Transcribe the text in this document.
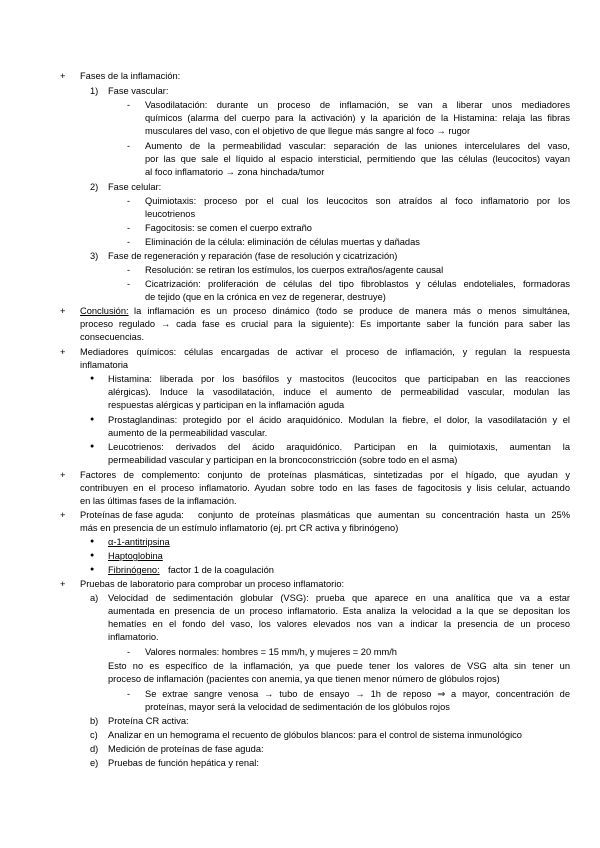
+ Fases de la inflamación:
1) Fase vascular:
- Vasodilatación: durante un proceso de inflamación, se van a liberar unos mediadores
químicos (alarma del cuerpo para la activación) y la aparición de la Histamina: relaja las fibras
musculares del vaso, con el objetivo de que llegue más sangre al foco → rugor
- Aumento de la permeabilidad vascular: separación de las uniones intercelulares del vaso,
por las que sale el líquido al espacio intersticial, permitiendo que las células (leucocitos) vayan
al foco inflamatorio → zona hinchada/tumor
2) Fase celular:
- Quimiotaxis: proceso por el cual los leucocitos son atraídos al foco inflamatorio por los
leucotrienos
- Fagocitosis: se comen el cuerpo extraño
- Eliminación de la célula: eliminación de células muertas y dañadas
3) Fase de regeneración y reparación (fase de resolución y cicatrización)
- Resolución: se retiran los estímulos, los cuerpos extraños/agente causal
- Cicatrización: proliferación de células del tipo fibroblastos y células endoteliales, formadoras
de tejido (que en la crónica en vez de regenerar, destruye)
+ Conclusión: la inflamación es un proceso dinámico (todo se produce de manera más o menos simultánea,
proceso regulado → cada fase es crucial para la siguiente): Es importante saber la función para saber las
consecuencias.
+ Mediadores químicos: células encargadas de activar el proceso de inflamación, y regulan la respuesta
inflamatoria
● Histamina: liberada por los basófilos y mastocitos (leucocitos que participaban en las reacciones
alérgicas). Induce la vasodilatación, induce el aumento de permeabilidad vascular, modulan las
respuestas alérgicas y participan en la inflamación aguda
● Prostaglandinas: protegido por el ácido araquidónico. Modulan la fiebre, el dolor, la vasodilatación y el
aumento de la permeabilidad vascular.
● Leucotrienos: derivados del ácido araquidónico. Participan en la quimiotaxis, aumentan la
permeabilidad vascular y participan en la broncoconstricción (sobre todo en el asma)
+ Factores de complemento: conjunto de proteínas plasmáticas, sintetizadas por el hígado, que ayudan y
contribuyen en el proceso inflamatorio. Ayudan sobre todo en las fases de fagocitosis y lisis celular, actuando
en las últimas fases de la inflamación.
+ Proteínas de fase aguda: conjunto de proteínas plasmáticas que aumentan su concentración hasta un 25%
más en presencia de un estímulo inflamatorio (ej. prt CR activa y fibrinógeno)
● α-1-antitripsina
● Haptoglobina
● Fibrinógeno: factor 1 de la coagulación
+ Pruebas de laboratorio para comprobar un proceso inflamatorio:
a) Velocidad de sedimentación globular (VSG): prueba que aparece en una analítica que va a estar
aumentada en presencia de un proceso inflamatorio. Esta analiza la velocidad a la que se depositan los
hematíes en el fondo del vaso, los valores elevados nos van a indicar la presencia de un proceso
inflamatorio.
- Valores normales: hombres = 15 mm/h, y mujeres = 20 mm/h
Esto no es específico de la inflamación, ya que puede tener los valores de VSG alta sin tener un
proceso de inflamación (pacientes con anemia, ya que tienen menor número de glóbulos rojos)
- Se extrae sangre venosa → tubo de ensayo → 1h de reposo ⇒ a mayor, concentración de
proteínas, mayor será la velocidad de sedimentación de los glóbulos rojos
b) Proteína CR activa:
c) Analizar en un hemograma el recuento de glóbulos blancos: para el control de sistema inmunológico
d) Medición de proteínas de fase aguda:
e) Pruebas de función hepática y renal:
